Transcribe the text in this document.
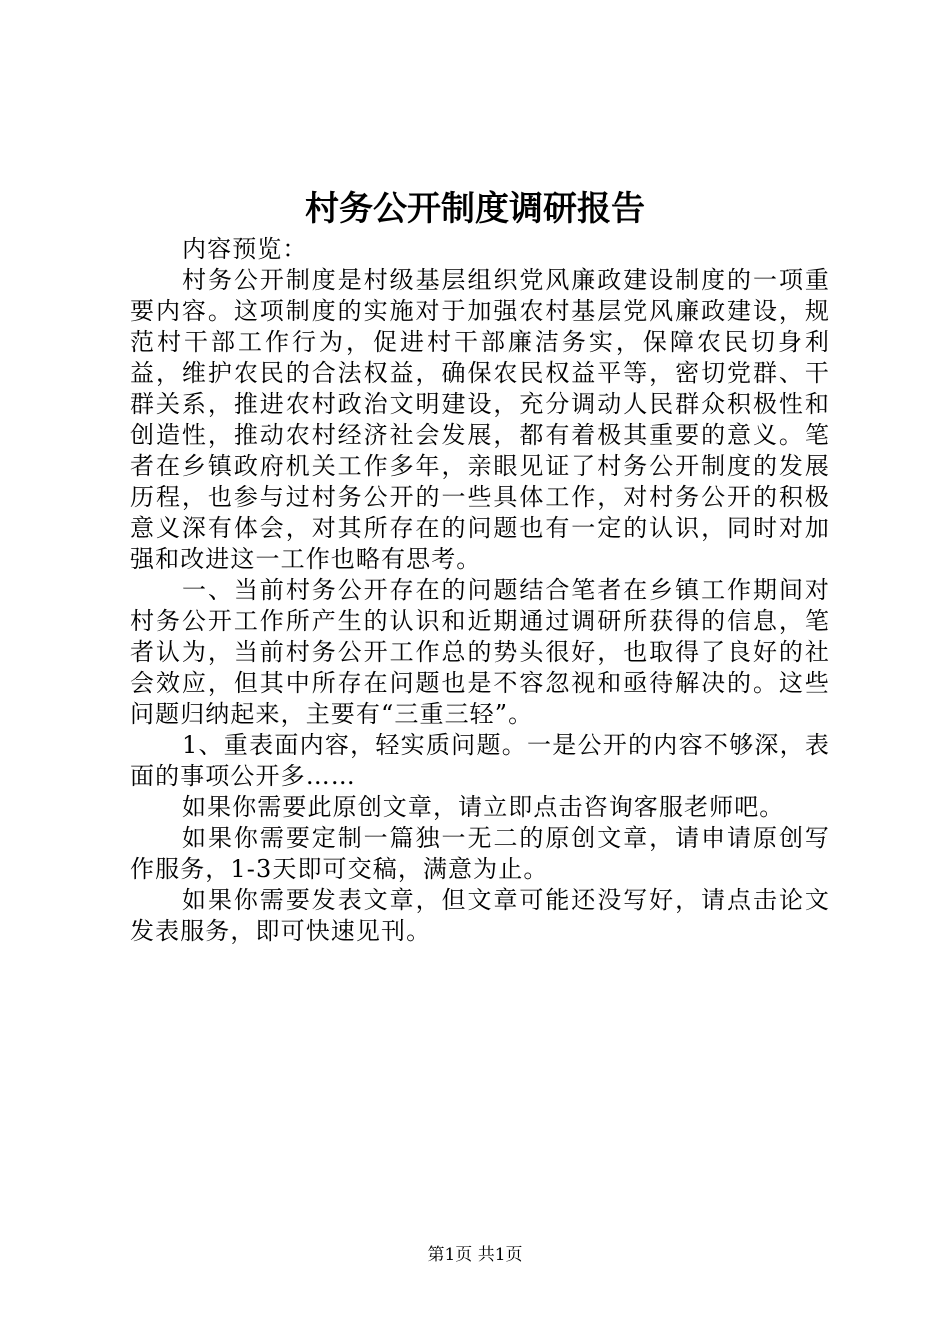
村务公开制度调研报告

内容预览：

村务公开制度是村级基层组织党风廉政建设制度的一项重要内容。这项制度的实施对于加强农村基层党风廉政建设，规范村干部工作行为，促进村干部廉洁务实，保障农民切身利益，维护农民的合法权益，确保农民权益平等，密切党群、干群关系，推进农村政治文明建设，充分调动人民群众积极性和创造性，推动农村经济社会发展，都有着极其重要的意义。笔者在乡镇政府机关工作多年，亲眼见证了村务公开制度的发展历程，也参与过村务公开的一些具体工作，对村务公开的积极意义深有体会，对其所存在的问题也有一定的认识，同时对加强和改进这一工作也略有思考。

一、当前村务公开存在的问题结合笔者在乡镇工作期间对村务公开工作所产生的认识和近期通过调研所获得的信息，笔者认为，当前村务公开工作总的势头很好，也取得了良好的社会效应，但其中所存在问题也是不容忽视和亟待解决的。这些问题归纳起来，主要有“三重三轻”。

1、重表面内容，轻实质问题。一是公开的内容不够深，表面的事项公开多……

如果你需要此原创文章，请立即点击咨询客服老师吧。

如果你需要定制一篇独一无二的原创文章，请申请原创写作服务，1-3天即可交稿，满意为止。

如果你需要发表文章，但文章可能还没写好，请点击论文发表服务，即可快速见刊。

第1页 共1页
